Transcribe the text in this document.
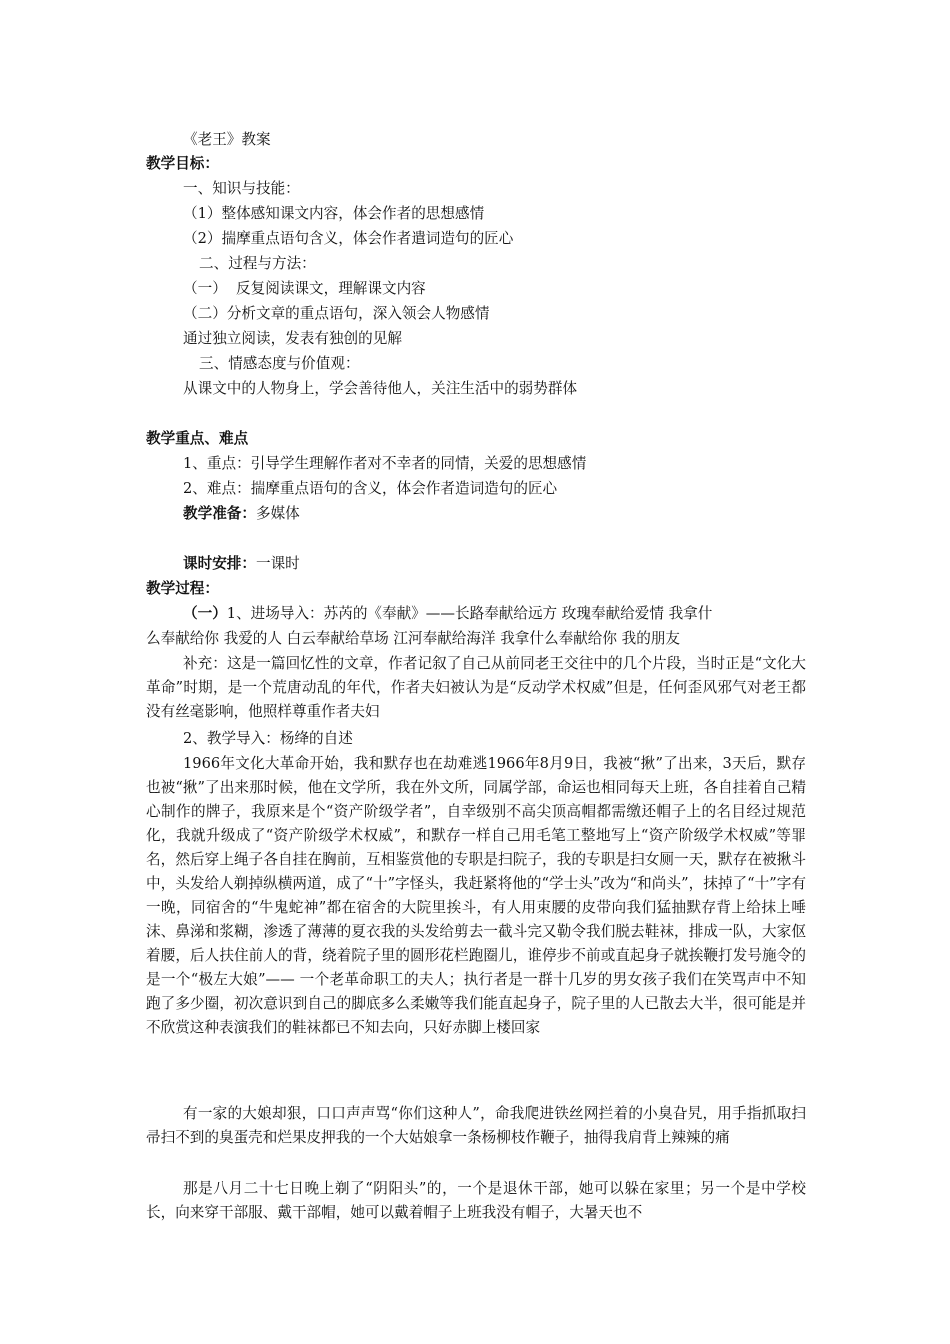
《老王》教案
教学目标：
一、知识与技能：
（1）整体感知课文内容，体会作者的思想感情
（2）揣摩重点语句含义，体会作者遣词造句的匠心
二、过程与方法：
（一）  反复阅读课文，理解课文内容
（二）分析文章的重点语句，深入领会人物感情
通过独立阅读，发表有独创的见解
三、情感态度与价值观：
从课文中的人物身上，学会善待他人，关注生活中的弱势群体
教学重点、难点
1、重点：引导学生理解作者对不幸者的同情，关爱的思想感情
2、难点：揣摩重点语句的含义，体会作者造词造句的匠心
教学准备：多媒体
课时安排：一课时
教学过程：
（一）1、进场导入：苏芮的《奉献》——长路奉献给远方 玫瑰奉献给爱情 我拿什
么奉献给你 我爱的人 白云奉献给草场 江河奉献给海洋 我拿什么奉献给你 我的朋友
补充：这是一篇回忆性的文章，作者记叙了自己从前同老王交往中的几个片段，当时正是“文化大革命”时期，是一个荒唐动乱的年代，作者夫妇被认为是“反动学术权威”但是，任何歪风邪气对老王都没有丝毫影响，他照样尊重作者夫妇
2、教学导入：杨绛的自述
1966年文化大革命开始，我和默存也在劫难逃1966年8月9日，我被“揪”了出来，3天后，默存也被“揪”了出来那时候，他在文学所，我在外文所，同属学部，命运也相同每天上班，各自挂着自己精心制作的牌子，我原来是个“资产阶级学者”，自幸级别不高尖顶高帽都需缴还帽子上的名目经过规范化，我就升级成了“资产阶级学术权威”，和默存一样自己用毛笔工整地写上“资产阶级学术权威”等罪名，然后穿上绳子各自挂在胸前，互相鉴赏他的专职是扫院子，我的专职是扫女厕一天，默存在被揪斗中，头发给人剃掉纵横两道，成了“十”字怪头，我赶紧将他的“学士头”改为“和尚头”，抹掉了“十”字有一晚，同宿舍的“牛鬼蛇神”都在宿舍的大院里挨斗，有人用束腰的皮带向我们猛抽默存背上给抹上唾沫、鼻涕和浆糊，渗透了薄薄的夏衣我的头发给剪去一截斗完又勒令我们脱去鞋袜，排成一队，大家伛着腰，后人扶住前人的背，绕着院子里的圆形花栏跑圈儿，谁停步不前或直起身子就挨鞭打发号施令的是一个“极左大娘”—— 一个老革命职工的夫人；执行者是一群十几岁的男女孩子我们在笑骂声中不知跑了多少圈，初次意识到自己的脚底多么柔嫩等我们能直起身子，院子里的人已散去大半，很可能是并不欣赏这种表演我们的鞋袜都已不知去向，只好赤脚上楼回家
有一家的大娘却狠，口口声声骂“你们这种人”，命我爬进铁丝网拦着的小臭旮旯，用手指抓取扫帚扫不到的臭蛋壳和烂果皮押我的一个大姑娘拿一条杨柳枝作鞭子，抽得我肩背上辣辣的痛
那是八月二十七日晚上剃了“阴阳头”的，一个是退休干部，她可以躲在家里；另一个是中学校长，向来穿干部服、戴干部帽，她可以戴着帽子上班我没有帽子，大暑天也不
